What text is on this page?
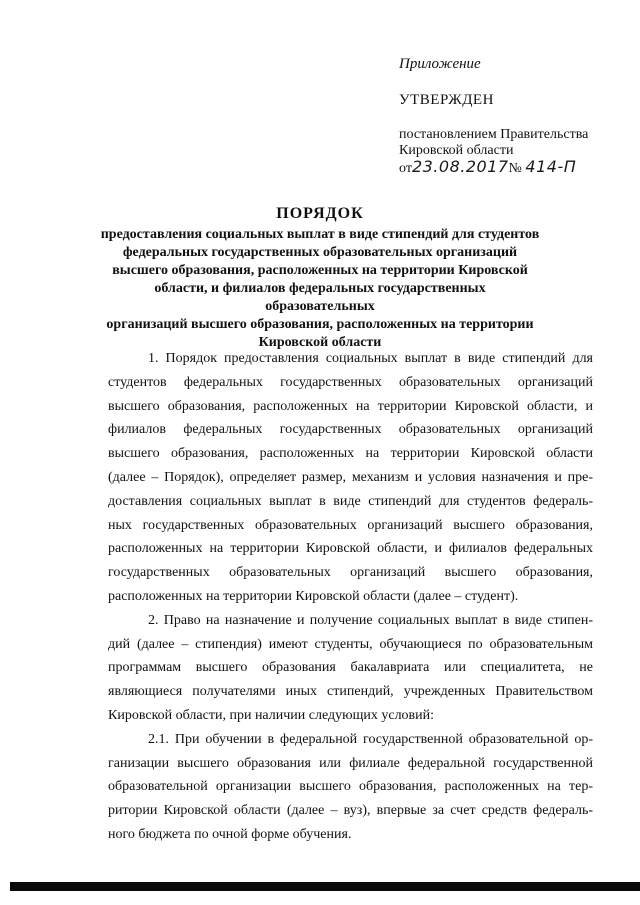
Приложение
УТВЕРЖДЕН
постановлением Правительства
Кировской области
от23.08.2017№ 414-П
ПОРЯДОК
предоставления социальных выплат в виде стипендий для студентов
федеральных государственных образовательных организаций
высшего образования, расположенных на территории Кировской
области, и филиалов федеральных государственных образовательных
организаций высшего образования, расположенных на территории
Кировской области
1. Порядок предоставления социальных выплат в виде стипендий для
студентов федеральных государственных образовательных организаций
высшего образования, расположенных на территории Кировской области, и
филиалов федеральных государственных образовательных организаций
высшего образования, расположенных на территории Кировской области
(далее – Порядок), определяет размер, механизм и условия назначения и пре-
доставления социальных выплат в виде стипендий для студентов федераль-
ных государственных образовательных организаций высшего образования,
расположенных на территории Кировской области, и филиалов федеральных
государственных образовательных организаций высшего образования,
расположенных на территории Кировской области (далее – студент).
2. Право на назначение и получение социальных выплат в виде стипен-
дий (далее – стипендия) имеют студенты, обучающиеся по образовательным
программам высшего образования бакалавриата или специалитета, не
являющиеся получателями иных стипендий, учрежденных Правительством
Кировской области, при наличии следующих условий:
2.1. При обучении в федеральной государственной образовательной ор-
ганизации высшего образования или филиале федеральной государственной
образовательной организации высшего образования, расположенных на тер-
ритории Кировской области (далее – вуз), впервые за счет средств федераль-
ного бюджета по очной форме обучения.
